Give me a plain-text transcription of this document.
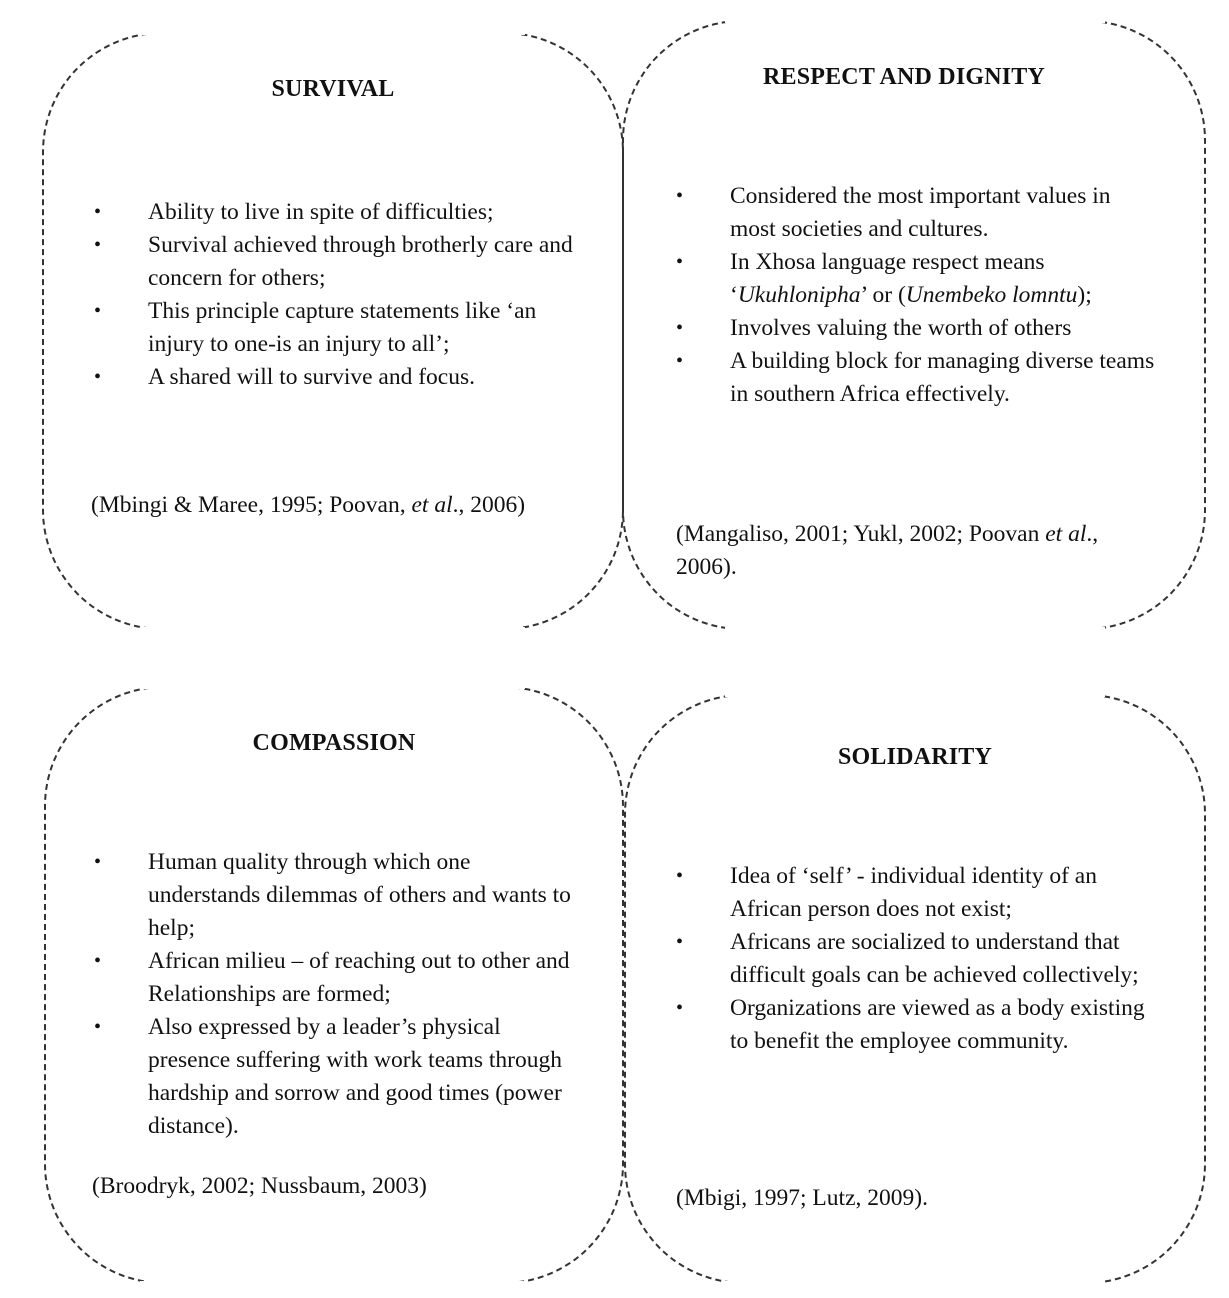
SURVIVAL
• Ability to live in spite of difficulties;
• Survival achieved through brotherly care and concern for others;
• This principle capture statements like ‘an injury to one-is an injury to all’;
• A shared will to survive and focus.
(Mbingi & Maree, 1995; Poovan, et al., 2006)
RESPECT AND DIGNITY
• Considered the most important values in most societies and cultures.
• In Xhosa language respect means ‘Ukuhlonipha’ or (Unembeko lomntu);
• Involves valuing the worth of others
• A building block for managing diverse teams in southern Africa effectively.
(Mangaliso, 2001; Yukl, 2002; Poovan et al., 2006).
COMPASSION
• Human quality through which one understands dilemmas of others and wants to help;
• African milieu – of reaching out to other and Relationships are formed;
• Also expressed by a leader’s physical presence suffering with work teams through hardship and sorrow and good times (power distance).
(Broodryk, 2002; Nussbaum, 2003)
SOLIDARITY
• Idea of ‘self’ - individual identity of an African person does not exist;
• Africans are socialized to understand that difficult goals can be achieved collectively;
• Organizations are viewed as a body existing to benefit the employee community.
(Mbigi, 1997; Lutz, 2009).
